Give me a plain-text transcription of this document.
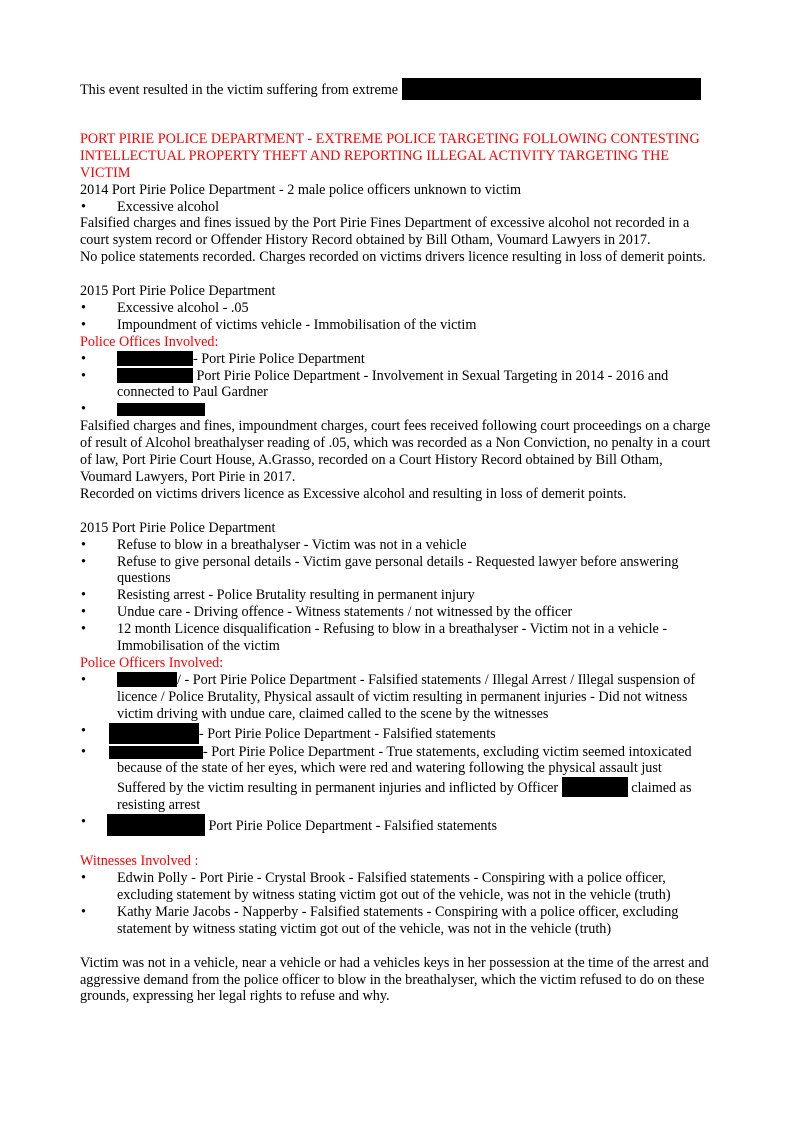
This event resulted in the victim suffering from extreme

PORT PIRIE POLICE DEPARTMENT - EXTREME POLICE TARGETING FOLLOWING CONTESTING INTELLECTUAL PROPERTY THEFT AND REPORTING ILLEGAL ACTIVITY TARGETING THE VICTIM

2014 Port Pirie Police Department - 2 male police officers unknown to victim

• Excessive alcohol

Falsified charges and fines issued by the Port Pirie Fines Department of excessive alcohol not recorded in a court system record or Offender History Record obtained by Bill Otham, Voumard Lawyers in 2017.

No police statements recorded. Charges recorded on victims drivers licence resulting in loss of demerit points.

2015 Port Pirie Police Department

• Excessive alcohol - .05
• Impoundment of victims vehicle - Immobilisation of the victim

Police Offices Involved:

• - Port Pirie Police Department
• Port Pirie Police Department - Involvement in Sexual Targeting in 2014 - 2016 and connected to Paul Gardner
•

Falsified charges and fines, impoundment charges, court fees received following court proceedings on a charge of result of Alcohol breathalyser reading of .05, which was recorded as a Non Conviction, no penalty in a court of law, Port Pirie Court House, A.Grasso, recorded on a Court History Record obtained by Bill Otham, Voumard Lawyers, Port Pirie in 2017.

Recorded on victims drivers licence as Excessive alcohol and resulting in loss of demerit points.

2015 Port Pirie Police Department

• Refuse to blow in a breathalyser - Victim was not in a vehicle
• Refuse to give personal details - Victim gave personal details - Requested lawyer before answering questions
• Resisting arrest - Police Brutality resulting in permanent injury
• Undue care - Driving offence - Witness statements / not witnessed by the officer
• 12 month Licence disqualification - Refusing to blow in a breathalyser - Victim not in a vehicle - Immobilisation of the victim

Police Officers Involved:

• / - Port Pirie Police Department - Falsified statements / Illegal Arrest / Illegal suspension of licence / Police Brutality, Physical assault of victim resulting in permanent injuries - Did not witness victim driving with undue care, claimed called to the scene by the witnesses
• - Port Pirie Police Department - Falsified statements
• - Port Pirie Police Department - True statements, excluding victim seemed intoxicated because of the state of her eyes, which were red and watering following the physical assault just Suffered by the victim resulting in permanent injuries and inflicted by Officer	claimed as resisting arrest
• Port Pirie Police Department - Falsified statements

Witnesses Involved :

• Edwin Polly - Port Pirie - Crystal Brook - Falsified statements - Conspiring with a police officer, excluding statement by witness stating victim got out of the vehicle, was not in the vehicle (truth)
• Kathy Marie Jacobs - Napperby - Falsified statements - Conspiring with a police officer, excluding statement by witness stating victim got out of the vehicle, was not in the vehicle (truth)

Victim was not in a vehicle, near a vehicle or had a vehicles keys in her possession at the time of the arrest and aggressive demand from the police officer to blow in the breathalyser, which the victim refused to do on these grounds, expressing her legal rights to refuse and why.
